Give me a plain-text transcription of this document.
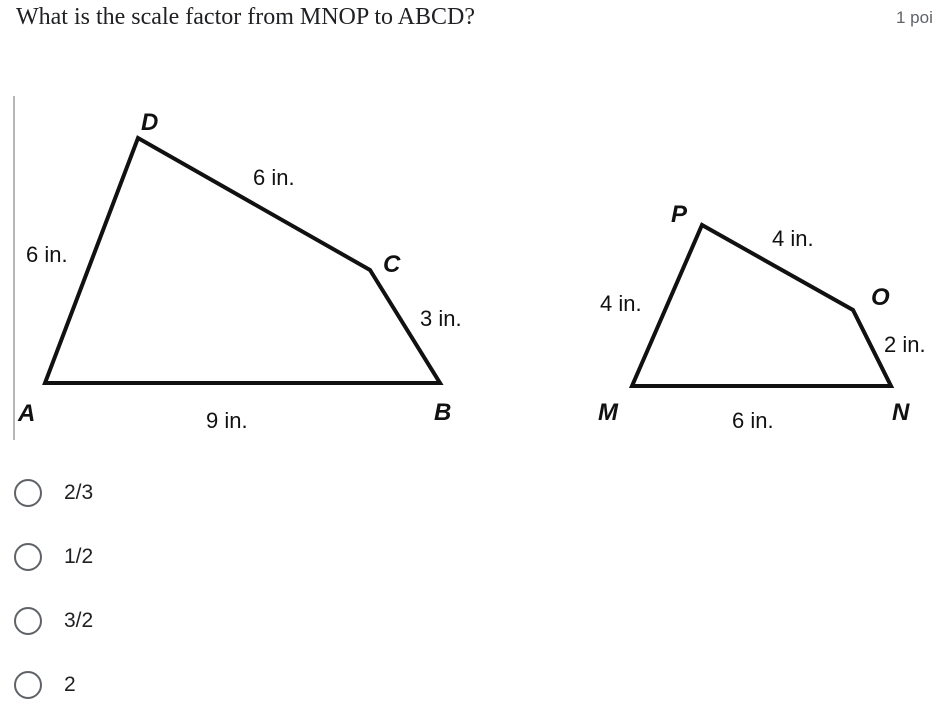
What is the scale factor from MNOP to ABCD?	1 poi
D
C
A	B
6 in.
6 in.
3 in.
9 in.
P
O
M	N
4 in.
4 in.
2 in.
6 in.
2/3
1/2
3/2
2
